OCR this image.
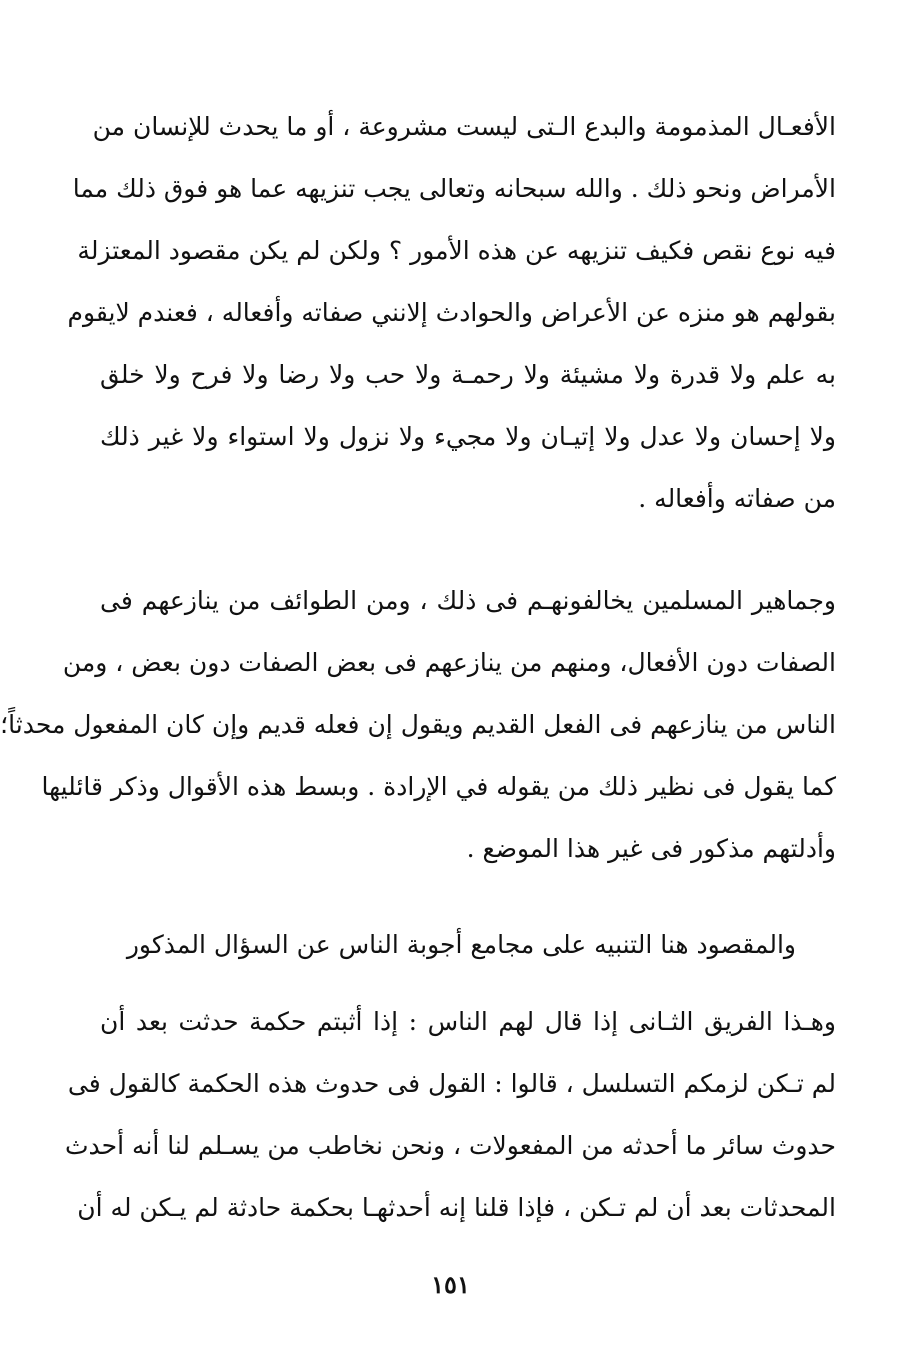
الأفعـال المذمومة والبدع الـتى ليست مشروعة ، أو ما يحدث للإنسان من
الأمراض ونحو ذلك . والله سبحانه وتعالى يجب تنزيهه عما هو فوق ذلك مما
فيه نوع نقص فكيف تنزيهه عن هذه الأمور ؟ ولكن لم يكن مقصود المعتزلة
بقولهم هو منزه عن الأعراض والحوادث إلانني صفاته وأفعاله ، فعندم لايقوم
به علم ولا قدرة ولا مشيئة ولا رحمـة ولا حب ولا رضا ولا فرح ولا خلق
ولا إحسان ولا عدل ولا إتيـان ولا مجيء ولا نزول ولا استواء ولا غير ذلك
من صفاته وأفعاله .
وجماهير المسلمين يخالفونهـم فى ذلك ، ومن الطوائف من ينازعهم فى
الصفات دون الأفعال، ومنهم من ينازعهم فى بعض الصفات دون بعض ، ومن
الناس من ينازعهم فى الفعل القديم ويقول إن فعله قديم وإن كان المفعول محدثاً؛
كما يقول فى نظير ذلك من يقوله في الإرادة . وبسط هذه الأقوال وذكر قائليها
وأدلتهم مذكور فى غير هذا الموضع .
والمقصود هنا التنبيه على مجامع أجوبة الناس عن السؤال المذكور
وهـذا الفريق الثـانى إذا قال لهم الناس : إذا أثبتم حكمة حدثت بعد أن
لم تـكن لزمكم التسلسل ، قالوا : القول فى حدوث هذه الحكمة كالقول فى
حدوث سائر ما أحدثه من المفعولات ، ونحن نخاطب من يسـلم لنا أنه أحدث
المحدثات بعد أن لم تـكن ، فإذا قلنا إنه أحدثهـا بحكمة حادثة لم يـكن له أن
١٥١
